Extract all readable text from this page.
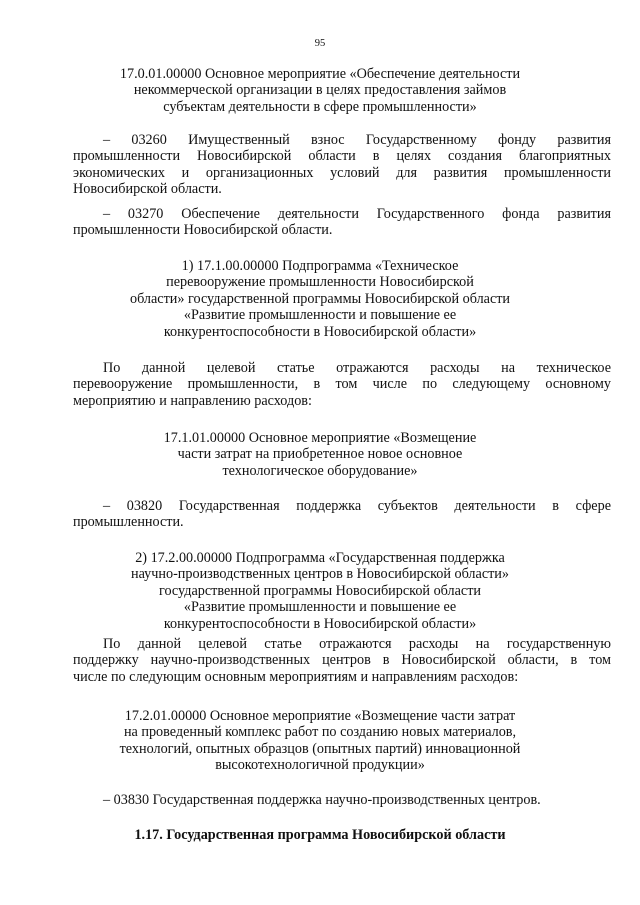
95
17.0.01.00000 Основное мероприятие «Обеспечение деятельности
некоммерческой организации в целях предоставления займов
субъектам деятельности в сфере промышленности»
– 03260 Имущественный взнос Государственному фонду развития
промышленности Новосибирской области в целях создания благоприятных
экономических и организационных условий для развития промышленности
Новосибирской области.
– 03270 Обеспечение деятельности Государственного фонда развития
промышленности Новосибирской области.
1) 17.1.00.00000 Подпрограмма «Техническое
перевооружение промышленности Новосибирской
области» государственной программы Новосибирской области
«Развитие промышленности и повышение ее
конкурентоспособности в Новосибирской области»
По данной целевой статье отражаются расходы на техническое
перевооружение промышленности, в том числе по следующему основному
мероприятию и направлению расходов:
17.1.01.00000 Основное мероприятие «Возмещение
части затрат на приобретенное новое основное
технологическое оборудование»
– 03820 Государственная поддержка субъектов деятельности в сфере
промышленности.
2) 17.2.00.00000 Подпрограмма «Государственная поддержка
научно-производственных центров в Новосибирской области»
государственной программы Новосибирской области
«Развитие промышленности и повышение ее
конкурентоспособности в Новосибирской области»
По данной целевой статье отражаются расходы на государственную
поддержку научно-производственных центров в Новосибирской области, в том
числе по следующим основным мероприятиям и направлениям расходов:
17.2.01.00000 Основное мероприятие «Возмещение части затрат
на проведенный комплекс работ по созданию новых материалов,
технологий, опытных образцов (опытных партий) инновационной
высокотехнологичной продукции»
– 03830 Государственная поддержка научно-производственных центров.
1.17. Государственная программа Новосибирской области
